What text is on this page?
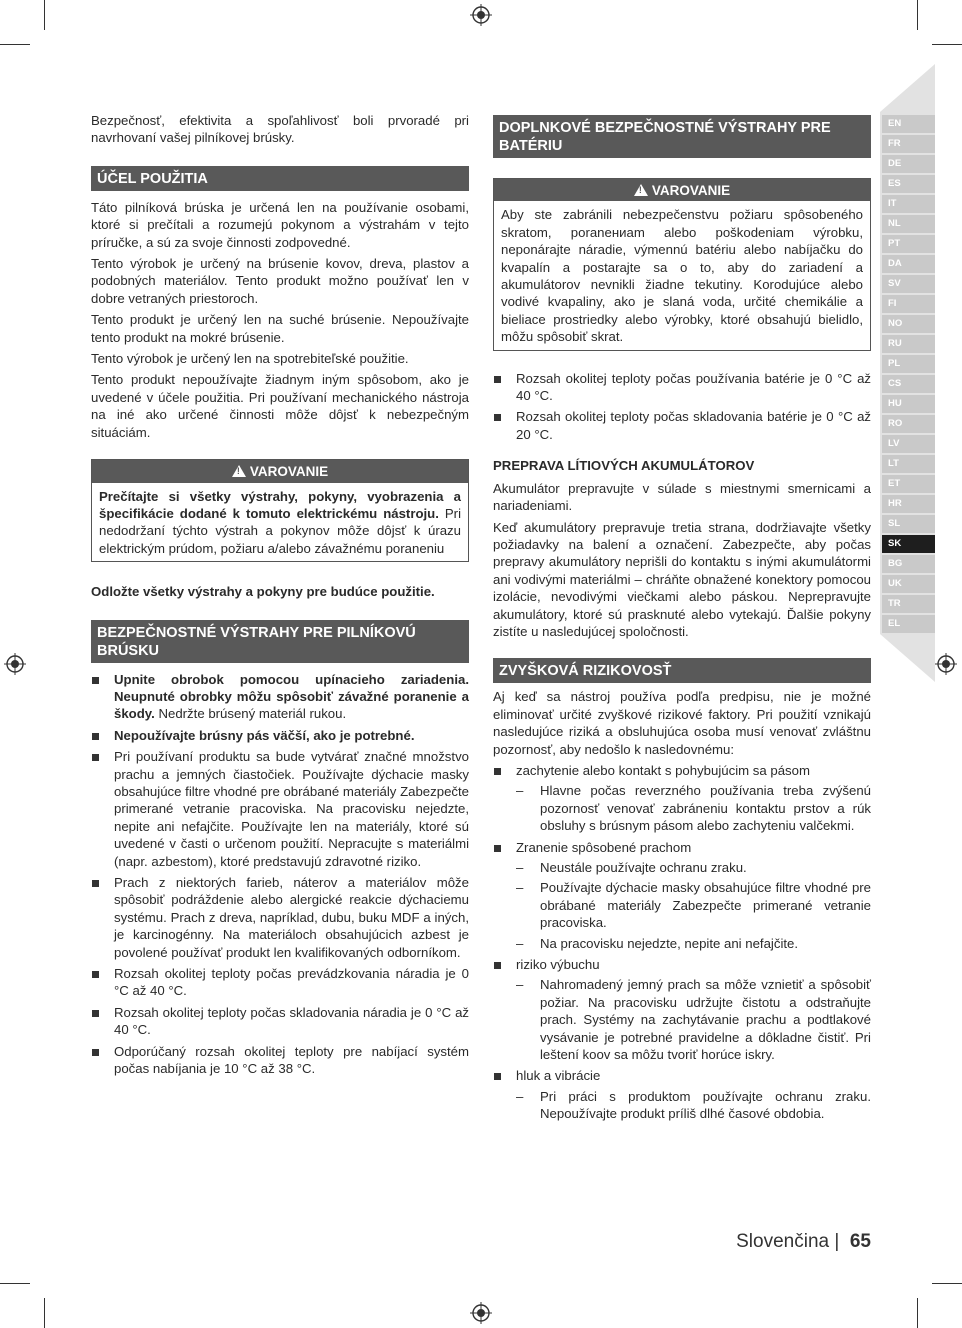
EN
FR
DE
ES
IT
NL
PT
DA
SV
FI
NO
RU
PL
CS
HU
RO
LV
LT
ET
HR
SL
SK
BG
UK
TR
EL

Bezpečnosť, efektivita a spoľahlivosť boli prvoradé pri navrhovaní vašej pilníkovej brúsky.

ÚČEL POUŽITIA

Táto pilníková brúska je určená len na používanie osobami, ktoré si prečítali a rozumejú pokynom a výstrahám v tejto príručke, a sú za svoje činnosti zodpovedné.

Tento výrobok je určený na brúsenie kovov, dreva, plastov a podobných materiálov. Tento produkt možno používať len v dobre vetraných priestoroch.

Tento produkt je určený len na suché brúsenie. Nepoužívajte tento produkt na mokré brúsenie.

Tento výrobok je určený len na spotrebiteľské použitie.

Tento produkt nepoužívajte žiadnym iným spôsobom, ako je uvedené v účele použitia. Pri používaní mechanického nástroja na iné ako určené činnosti môže dôjsť k nebezpečným situáciám.

!VAROVANIE

Prečítajte si všetky výstrahy, pokyny, vyobrazenia a špecifikácie dodané k tomuto elektrickému nástroju. Pri nedodržaní týchto výstrah a pokynov môže dôjsť k úrazu elektrickým prúdom, požiaru a/alebo závažnému poraneniu

Odložte všetky výstrahy a pokyny pre budúce použitie.

BEZPEČNOSTNÉ VÝSTRAHY PRE PILNÍKOVÚ BRÚSKU
Upnite obrobok pomocou upínacieho zariadenia. Neupnuté obrobky môžu spôsobiť závažné poranenie a škody. Nedržte brúsený materiál rukou.
Nepoužívajte brúsny pás väčší, ako je potrebné.
Pri používaní produktu sa bude vytvárať značné množstvo prachu a jemných čiastočiek. Používajte dýchacie masky obsahujúce filtre vhodné pre obrábané materiály Zabezpečte primerané vetranie pracoviska. Na pracovisku nejedzte, nepite ani nefajčite. Používajte len na materiály, ktoré sú uvedené v časti o určenom použití. Nepracujte s materiálmi (napr. azbestom), ktoré predstavujú zdravotné riziko.
Prach z niektorých farieb, náterov a materiálov môže spôsobiť podráždenie alebo alergické reakcie dýchaciemu systému. Prach z dreva, napríklad, dubu, buku MDF a iných, je karcinogénny. Na materiáloch obsahujúcich azbest je povolené používať produkt len kvalifikovaných odborníkom.
Rozsah okolitej teploty počas prevádzkovania náradia je 0 °C až 40 °C.
Rozsah okolitej teploty počas skladovania náradia je 0 °C až 40 °C.
Odporúčaný rozsah okolitej teploty pre nabíjací systém počas nabíjania je 10 °C až 38 °C.
DOPLNKOVÉ BEZPEČNOSTNÉ VÝSTRAHY PRE BATÉRIU
!VAROVANIE

Aby ste zabránili nebezpečenstvu požiaru spôsobeného skratom, poranениam alebo poškodeniam výrobku, neponárajte náradie, výmennú batériu alebo nabíjačku do kvapalín a postarajte sa o to, aby do zariadení a akumulátorov nevnikli žiadne tekutiny. Korodujúce alebo vodivé kvapaliny, ako je slaná voda, určité chemikálie a bieliace prostriedky alebo výrobky, ktoré obsahujú bielidlo, môžu spôsobiť skrat.

Rozsah okolitej teploty počas používania batérie je 0 °C až 40 °C.
Rozsah okolitej teploty počas skladovania batérie je 0 °C až 20 °C.

PREPRAVA LÍTIOVÝCH AKUMULÁTOROV

Akumulátor prepravujte v súlade s miestnymi smernicami a nariadeniami.

Keď akumulátory prepravuje tretia strana, dodržiavajte všetky požiadavky na balení a označení. Zabezpečte, aby počas prepravy akumulátory neprišli do kontaktu s inými akumulátormi ani vodivými materiálmi – chráňte obnažené konektory pomocou izolácie, nevodivými viečkami alebo páskou. Neprepravujte akumulátory, ktoré sú prasknuté alebo vytekajú. Ďalšie pokyny zistíte u nasledujúcej spoločnosti.

ZVYŠKOVÁ RIZIKOVOSŤ

Aj keď sa nástroj používa podľa predpisu, nie je možné eliminovať určité zvyškové rizikové faktory. Pri použití vznikajú nasledujúce riziká a obsluhujúca osoba musí venovať zvláštnu pozornosť, aby nedošlo k nasledovnému:

zachytenie alebo kontakt s pohybujúcim sa pásom
– Hlavne počas reverzného používania treba zvýšenú pozornosť venovať zabráneniu kontaktu prstov a rúk obsluhy s brúsnym pásom alebo zachyteniu valčekmi.
Zranenie spôsobené prachom
– Neustále používajte ochranu zraku.
– Používajte dýchacie masky obsahujúce filtre vhodné pre obrábané materiály Zabezpečte primerané vetranie pracoviska.
– Na pracovisku nejedzte, nepite ani nefajčite.
riziko výbuchu
– Nahromadený jemný prach sa môže vznietiť a spôsobiť požiar. Na pracovisku udržujte čistotu a odstraňujte prach. Systémy na zachytávanie prachu a podtlakové vysávanie je potrebné pravidelne a dôkladne čistiť. Pri leštení koov sa môžu tvoriť horúce iskry.
hluk a vibrácie
– Pri práci s produktom používajte ochranu zraku. Nepoužívajte produkt príliš dlhé časové obdobia.
Slovenčina | 65
